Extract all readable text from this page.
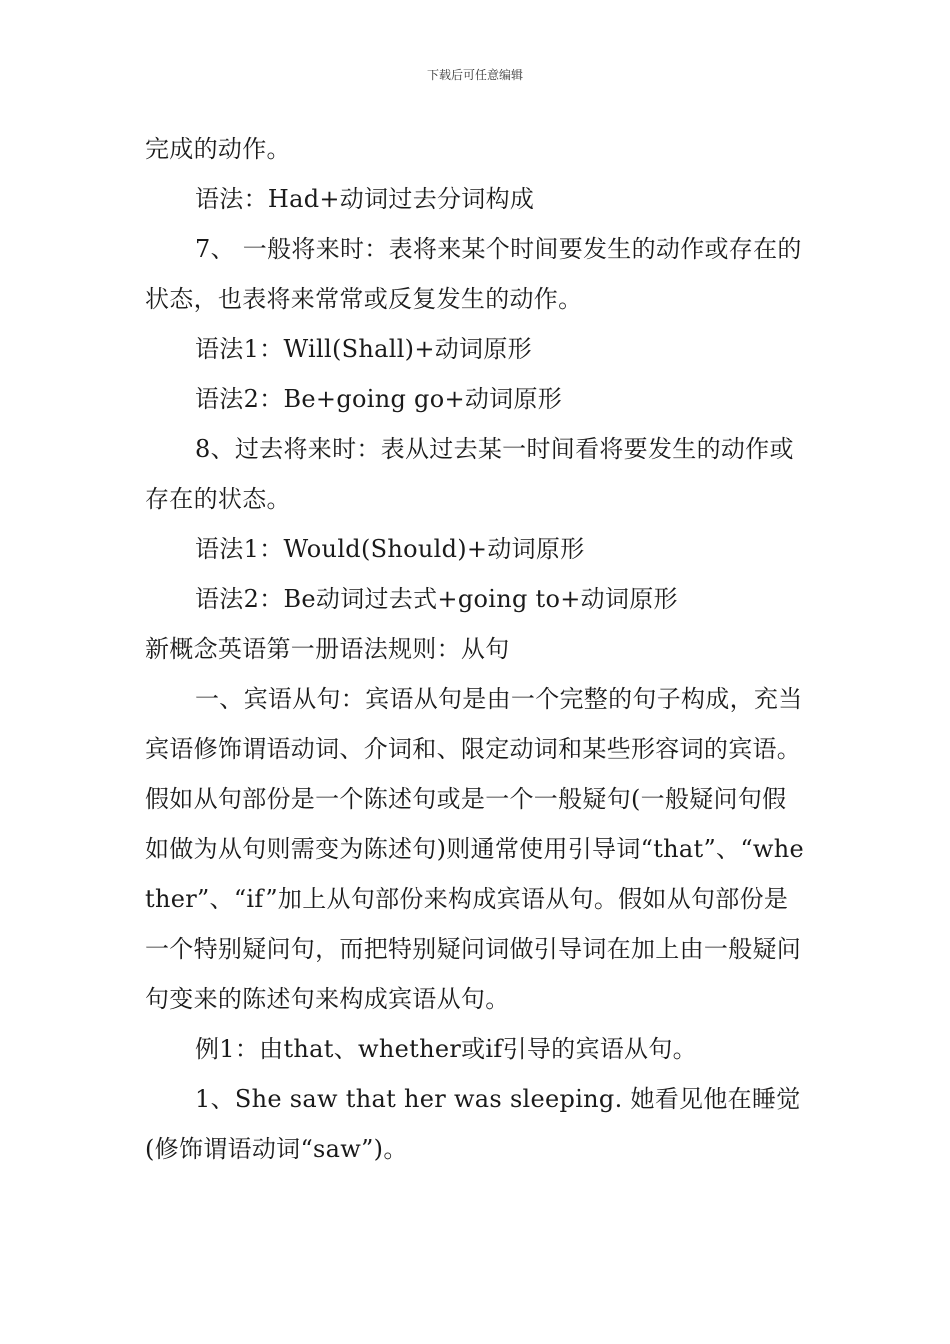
下载后可任意编辑

完成的动作。

语法：Had+动词过去分词构成

7、 一般将来时：表将来某个时间要发生的动作或存在的状态，也表将来常常或反复发生的动作。

语法1：Will(Shall)+动词原形

语法2：Be+going go+动词原形

8、过去将来时：表从过去某一时间看将要发生的动作或存在的状态。

语法1：Would(Should)+动词原形

语法2：Be动词过去式+going to+动词原形

新概念英语第一册语法规则：从句

一、宾语从句：宾语从句是由一个完整的句子构成，充当宾语修饰谓语动词、介词和、限定动词和某些形容词的宾语。假如从句部份是一个陈述句或是一个一般疑句(一般疑问句假如做为从句则需变为陈述句)则通常使用引导词“that”、“whether”、“if”加上从句部份来构成宾语从句。假如从句部份是一个特别疑问句，而把特别疑问词做引导词在加上由一般疑问句变来的陈述句来构成宾语从句。

例1：由that、whether或if引导的宾语从句。

1、She saw that her was sleeping. 她看见他在睡觉(修饰谓语动词“saw”)。
